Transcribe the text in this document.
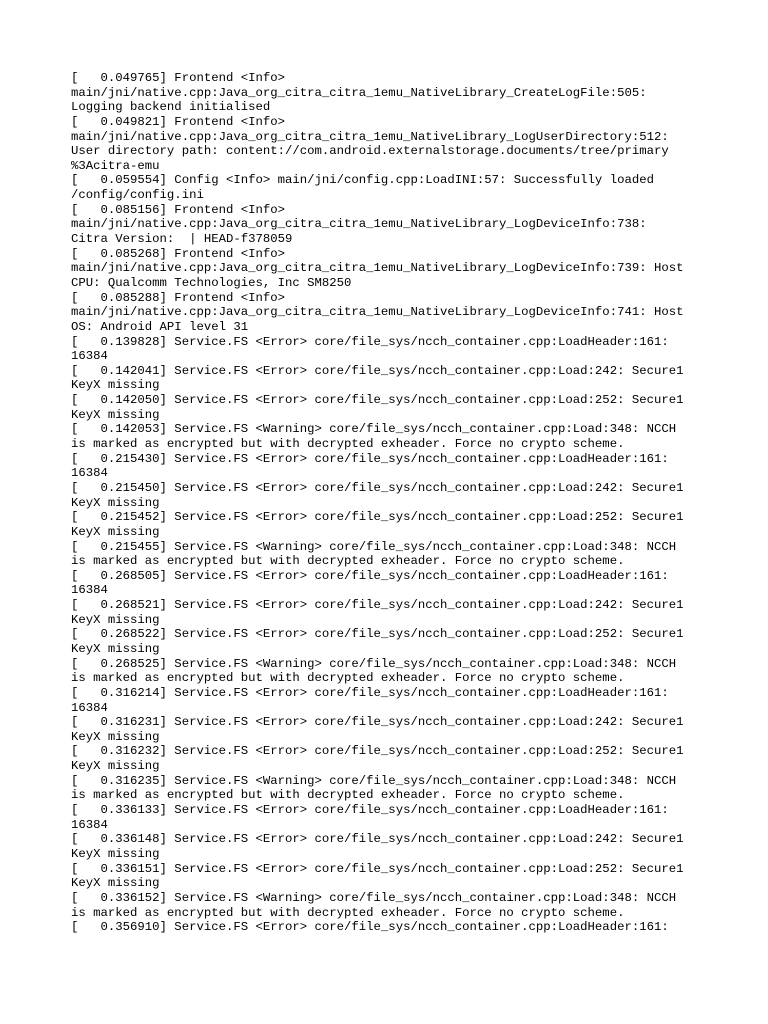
[   0.049765] Frontend <Info>
main/jni/native.cpp:Java_org_citra_citra_1emu_NativeLibrary_CreateLogFile:505:
Logging backend initialised
[   0.049821] Frontend <Info>
main/jni/native.cpp:Java_org_citra_citra_1emu_NativeLibrary_LogUserDirectory:512:
User directory path: content://com.android.externalstorage.documents/tree/primary
%3Acitra-emu
[   0.059554] Config <Info> main/jni/config.cpp:LoadINI:57: Successfully loaded
/config/config.ini
[   0.085156] Frontend <Info>
main/jni/native.cpp:Java_org_citra_citra_1emu_NativeLibrary_LogDeviceInfo:738:
Citra Version:  | HEAD-f378059
[   0.085268] Frontend <Info>
main/jni/native.cpp:Java_org_citra_citra_1emu_NativeLibrary_LogDeviceInfo:739: Host
CPU: Qualcomm Technologies, Inc SM8250
[   0.085288] Frontend <Info>
main/jni/native.cpp:Java_org_citra_citra_1emu_NativeLibrary_LogDeviceInfo:741: Host
OS: Android API level 31
[   0.139828] Service.FS <Error> core/file_sys/ncch_container.cpp:LoadHeader:161:
16384
[   0.142041] Service.FS <Error> core/file_sys/ncch_container.cpp:Load:242: Secure1
KeyX missing
[   0.142050] Service.FS <Error> core/file_sys/ncch_container.cpp:Load:252: Secure1
KeyX missing
[   0.142053] Service.FS <Warning> core/file_sys/ncch_container.cpp:Load:348: NCCH
is marked as encrypted but with decrypted exheader. Force no crypto scheme.
[   0.215430] Service.FS <Error> core/file_sys/ncch_container.cpp:LoadHeader:161:
16384
[   0.215450] Service.FS <Error> core/file_sys/ncch_container.cpp:Load:242: Secure1
KeyX missing
[   0.215452] Service.FS <Error> core/file_sys/ncch_container.cpp:Load:252: Secure1
KeyX missing
[   0.215455] Service.FS <Warning> core/file_sys/ncch_container.cpp:Load:348: NCCH
is marked as encrypted but with decrypted exheader. Force no crypto scheme.
[   0.268505] Service.FS <Error> core/file_sys/ncch_container.cpp:LoadHeader:161:
16384
[   0.268521] Service.FS <Error> core/file_sys/ncch_container.cpp:Load:242: Secure1
KeyX missing
[   0.268522] Service.FS <Error> core/file_sys/ncch_container.cpp:Load:252: Secure1
KeyX missing
[   0.268525] Service.FS <Warning> core/file_sys/ncch_container.cpp:Load:348: NCCH
is marked as encrypted but with decrypted exheader. Force no crypto scheme.
[   0.316214] Service.FS <Error> core/file_sys/ncch_container.cpp:LoadHeader:161:
16384
[   0.316231] Service.FS <Error> core/file_sys/ncch_container.cpp:Load:242: Secure1
KeyX missing
[   0.316232] Service.FS <Error> core/file_sys/ncch_container.cpp:Load:252: Secure1
KeyX missing
[   0.316235] Service.FS <Warning> core/file_sys/ncch_container.cpp:Load:348: NCCH
is marked as encrypted but with decrypted exheader. Force no crypto scheme.
[   0.336133] Service.FS <Error> core/file_sys/ncch_container.cpp:LoadHeader:161:
16384
[   0.336148] Service.FS <Error> core/file_sys/ncch_container.cpp:Load:242: Secure1
KeyX missing
[   0.336151] Service.FS <Error> core/file_sys/ncch_container.cpp:Load:252: Secure1
KeyX missing
[   0.336152] Service.FS <Warning> core/file_sys/ncch_container.cpp:Load:348: NCCH
is marked as encrypted but with decrypted exheader. Force no crypto scheme.
[   0.356910] Service.FS <Error> core/file_sys/ncch_container.cpp:LoadHeader:161:
